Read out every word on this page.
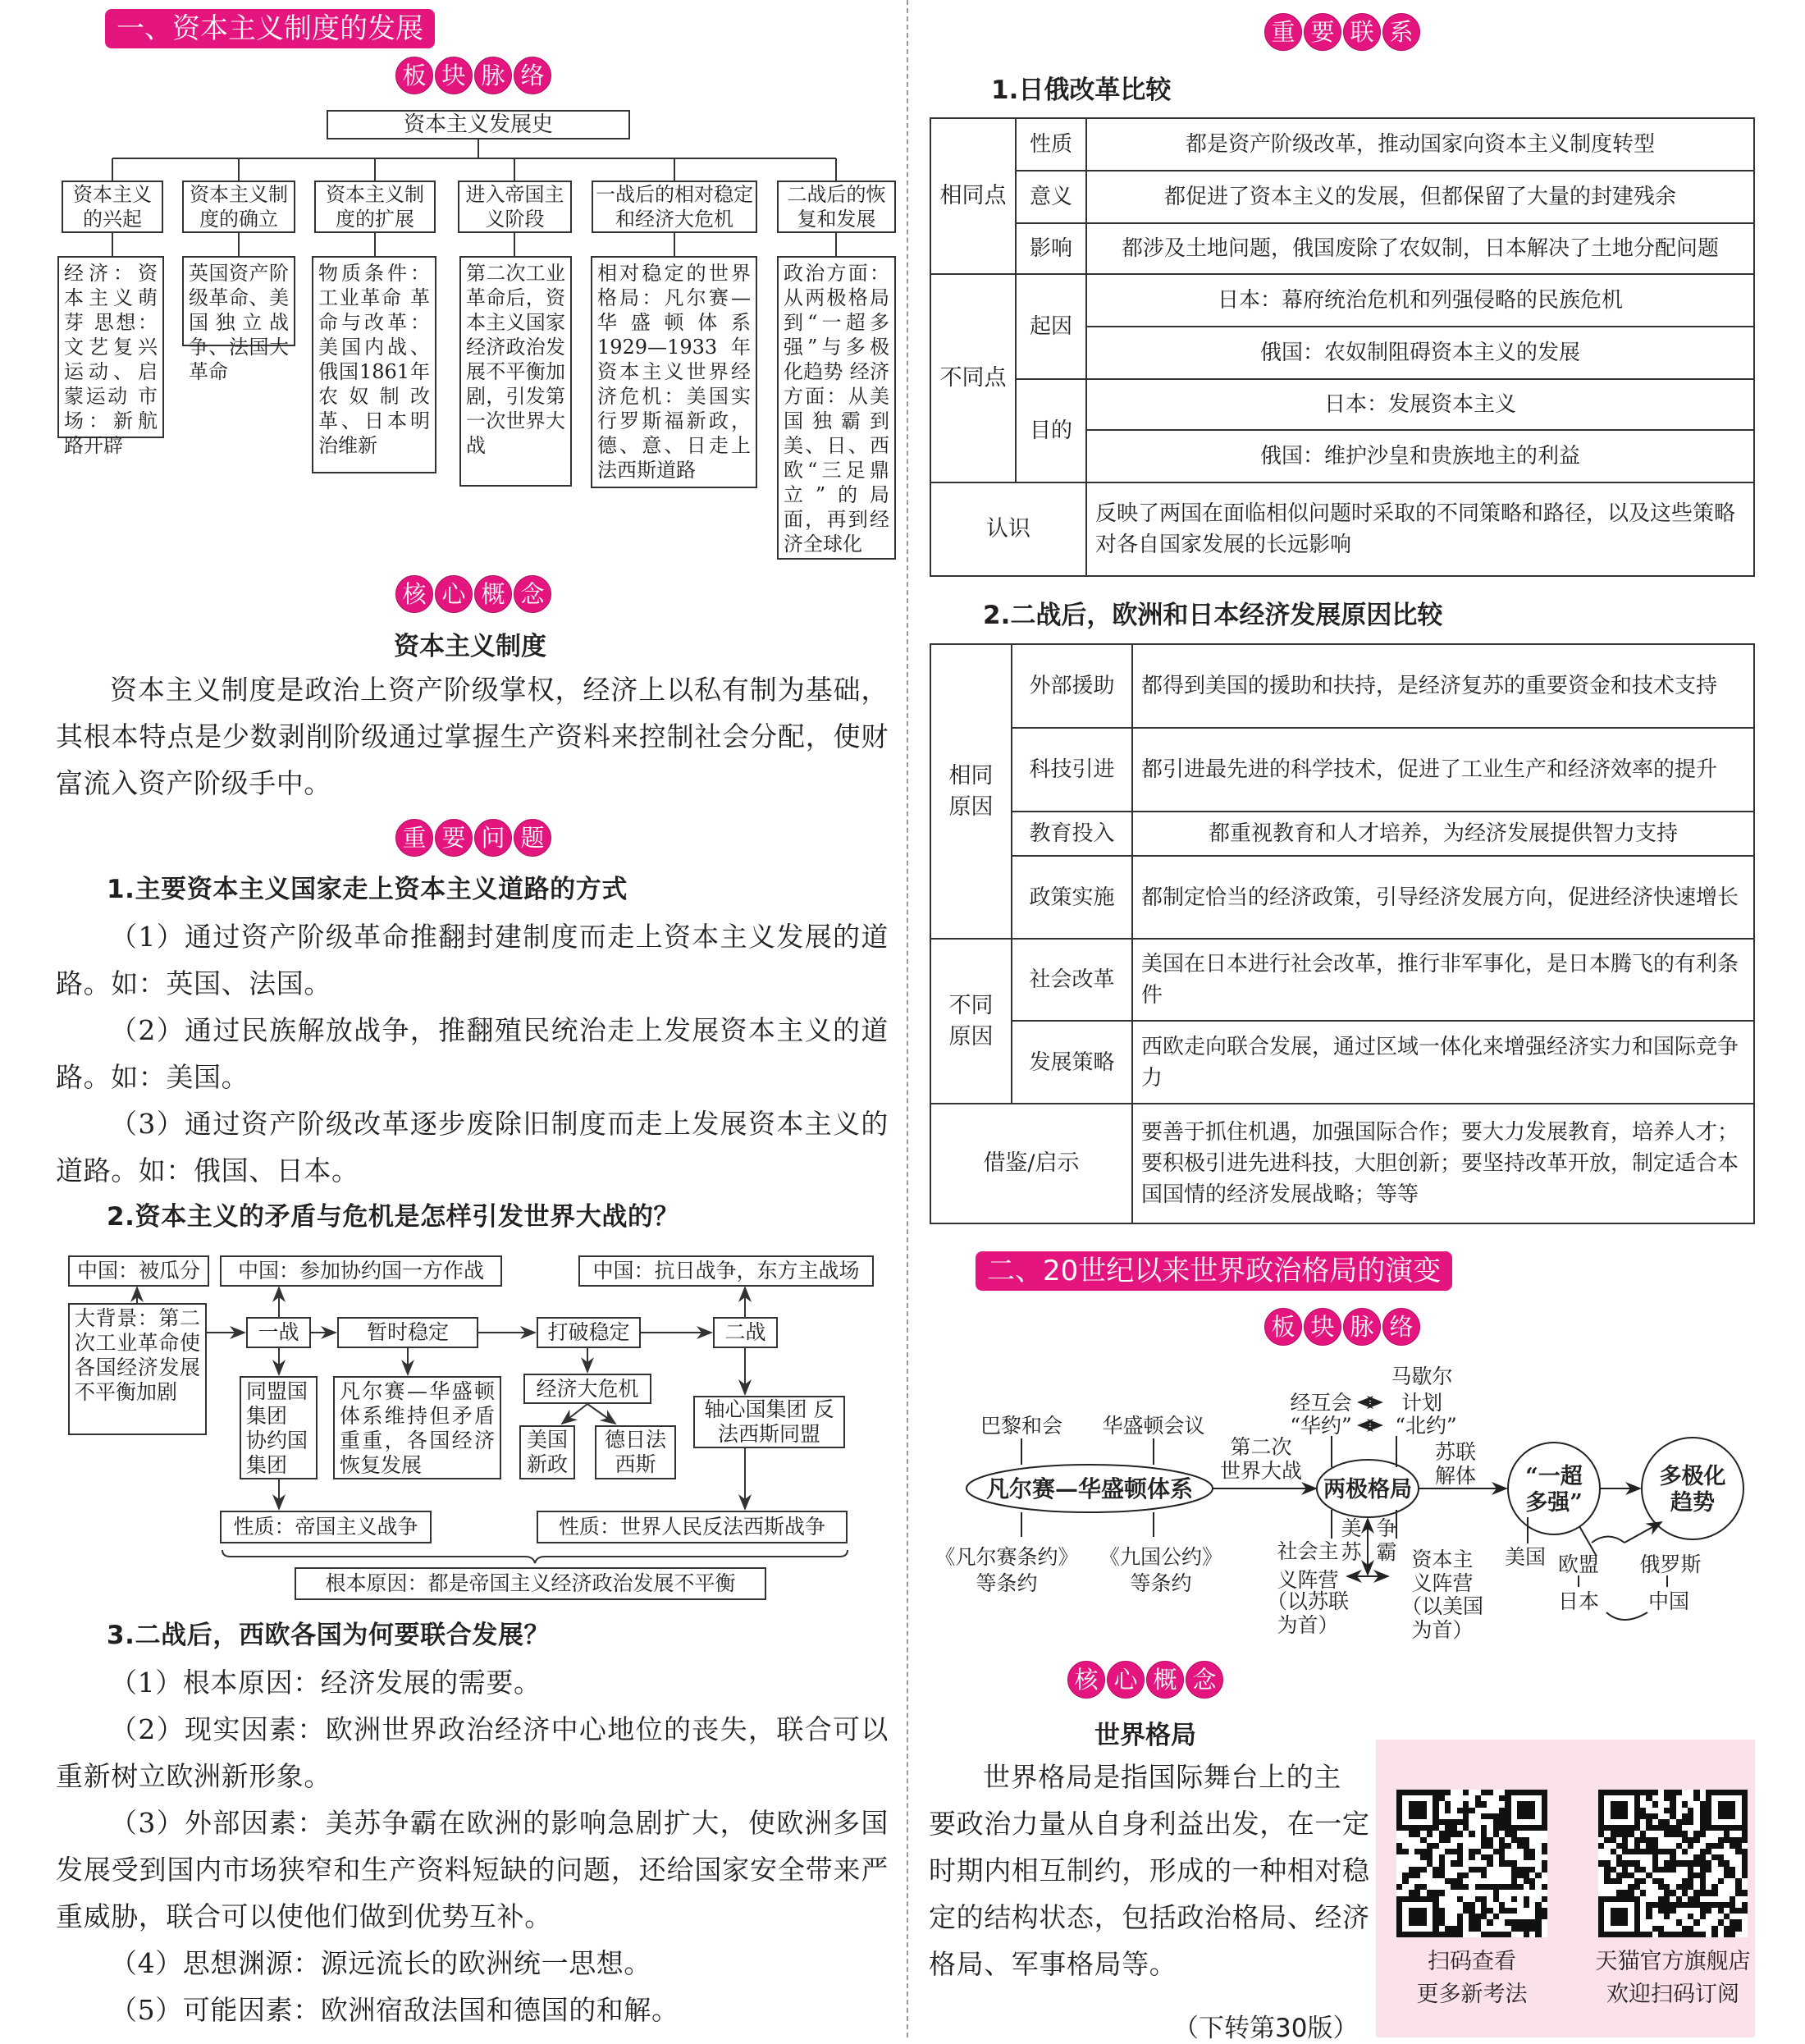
一、资本主义制度的发展
板 块 脉 络
资本主义发展史
资本主义的兴起
资本主义制度的确立
资本主义制度的扩展
进入帝国主义阶段
一战后的相对稳定和经济大危机
二战后的恢复和发展
经济：资本主义萌芽 思想：文艺复兴运动、启蒙运动 市场：新航路开辟
英国资产阶级革命、美国独立战争、法国大革命
物质条件：工业革命 革命与改革：美国内战、俄国1861年农奴制改革、日本明治维新
第二次工业革命后，资本主义国家经济政治发展不平衡加剧，引发第一次世界大战
相对稳定的世界格局：凡尔赛—华盛顿体系 1929—1933年资本主义世界经济危机：美国实行罗斯福新政，德、意、日走上法西斯道路
政治方面：从两极格局到“一超多强”与多极化趋势 经济方面：从美国独霸到美、日、西欧“三足鼎立”的局面，再到经济全球化
核 心 概 念
资本主义制度

资本主义制度是政治上资产阶级掌权，经济上以私有制为基础，其根本特点是少数剥削阶级通过掌握生产资料来控制社会分配，使财富流入资产阶级手中。

重 要 问 题

1.主要资本主义国家走上资本主义道路的方式

（1）通过资产阶级革命推翻封建制度而走上资本主义发展的道路。如：英国、法国。

（2）通过民族解放战争，推翻殖民统治走上发展资本主义的道路。如：美国。

（3）通过资产阶级改革逐步废除旧制度而走上发展资本主义的道路。如：俄国、日本。

2.资本主义的矛盾与危机是怎样引发世界大战的？

中国：被瓜分	中国：参加协约国一方作战	中国：抗日战争，东方主战场
大背景：第二次工业革命使各国经济发展不平衡加剧
一战	暂时稳定	打破稳定	二战
同盟国集团 协约国集团
凡尔赛—华盛顿体系维持但矛盾重重，各国经济恢复发展
经济大危机
美国新政
德日法西斯
轴心国集团 反法西斯同盟
性质：帝国主义战争	性质：世界人民反法西斯战争
根本原因：都是帝国主义经济政治发展不平衡

3.二战后，西欧各国为何要联合发展？

（1）根本原因：经济发展的需要。

（2）现实因素：欧洲世界政治经济中心地位的丧失，联合可以重新树立欧洲新形象。

（3）外部因素：美苏争霸在欧洲的影响急剧扩大，使欧洲多国发展受到国内市场狭窄和生产资料短缺的问题，还给国家安全带来严重威胁，联合可以使他们做到优势互补。

（4）思想渊源：源远流长的欧洲统一思想。

（5）可能因素：欧洲宿敌法国和德国的和解。

重 要 联 系
1.日俄改革比较
相同点	性质	都是资产阶级改革，推动国家向资本主义制度转型
	意义	都促进了资本主义的发展，但都保留了大量的封建残余
	影响	都涉及土地问题，俄国废除了农奴制，日本解决了土地分配问题
不同点	起因	日本：幕府统治危机和列强侵略的民族危机
		俄国：农奴制阻碍资本主义的发展
	目的	日本：发展资本主义
		俄国：维护沙皇和贵族地主的利益
认识		反映了两国在面临相似问题时采取的不同策略和路径，以及这些策略对各自国家发展的长远影响
2.二战后，欧洲和日本经济发展原因比较
相同原因	外部援助	都得到美国的援助和扶持，是经济复苏的重要资金和技术支持
	科技引进	都引进最先进的科学技术，促进了工业生产和经济效率的提升
	教育投入	都重视教育和人才培养，为经济发展提供智力支持
	政策实施	都制定恰当的经济政策，引导经济发展方向，促进经济快速增长
不同原因	社会改革	美国在日本进行社会改革，推行非军事化，是日本腾飞的有利条件
	发展策略	西欧走向联合发展，通过区域一体化来增强经济实力和国际竞争力
借鉴/启示		要善于抓住机遇，加强国际合作；要大力发展教育，培养人才；要积极引进先进科技，大胆创新；要坚持改革开放，制定适合本国国情的经济发展战略；等等
二、20世纪以来世界政治格局的演变
板 块 脉 络
凡尔赛—华盛顿体系
巴黎和会 华盛顿会议
《凡尔赛条约》
等条约
《九国公约》
等条约
第二次
世界大战
两极格局
马歇尔
计划
经互会
“华约” “北约”
苏联
解体
美
苏
争
霸
社会主
义阵营
（以苏联
为首）
资本主
义阵营
（以美国
为首）
“一超
多强”
多极化
趋势
美国 欧盟 俄罗斯
日本 中国
核 心 概 念
世界格局
扫码查看
更多新考法
天猫官方旗舰店
欢迎扫码订阅

世界格局是指国际舞台上的主

要政治力量从自身利益出发，在一定

时期内相互制约，形成的一种相对稳

定的结构状态，包括政治格局、经济

格局、军事格局等。

（下转第30版）
